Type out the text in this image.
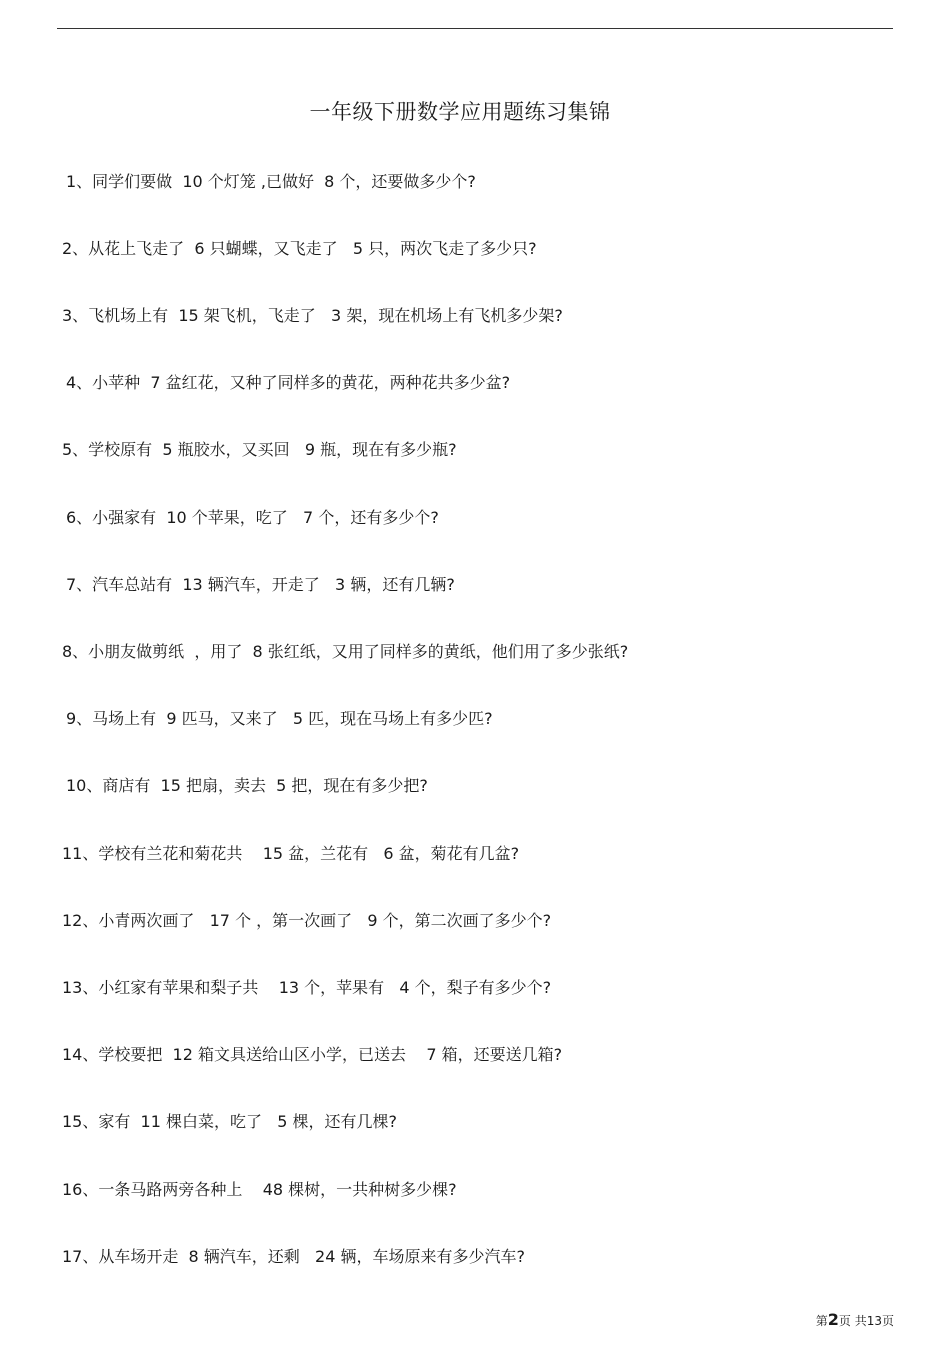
一年级下册数学应用题练习集锦
1、同学们要做  10 个灯笼 ,已做好  8 个，还要做多少个?
2、从花上飞走了  6 只蝴蝶，又飞走了   5 只，两次飞走了多少只?
3、飞机场上有  15 架飞机，飞走了   3 架，现在机场上有飞机多少架?
4、小苹种  7 盆红花，又种了同样多的黄花，两种花共多少盆?
5、学校原有  5 瓶胶水，又买回   9 瓶，现在有多少瓶?
6、小强家有  10 个苹果，吃了   7 个，还有多少个?
7、汽车总站有  13 辆汽车，开走了   3 辆，还有几辆?
8、小朋友做剪纸  ，用了  8 张红纸，又用了同样多的黄纸，他们用了多少张纸?
9、马场上有  9 匹马，又来了   5 匹，现在马场上有多少匹?
10、商店有  15 把扇，卖去  5 把，现在有多少把?
11、学校有兰花和菊花共    15 盆，兰花有   6 盆，菊花有几盆?
12、小青两次画了   17 个 ，第一次画了   9 个，第二次画了多少个?
13、小红家有苹果和梨子共    13 个，苹果有   4 个，梨子有多少个?
14、学校要把  12 箱文具送给山区小学，已送去    7 箱，还要送几箱?
15、家有  11 棵白菜，吃了   5 棵，还有几棵?
16、一条马路两旁各种上    48 棵树，一共种树多少棵?
17、从车场开走  8 辆汽车，还剩   24 辆，车场原来有多少汽车?
第2页 共13页
